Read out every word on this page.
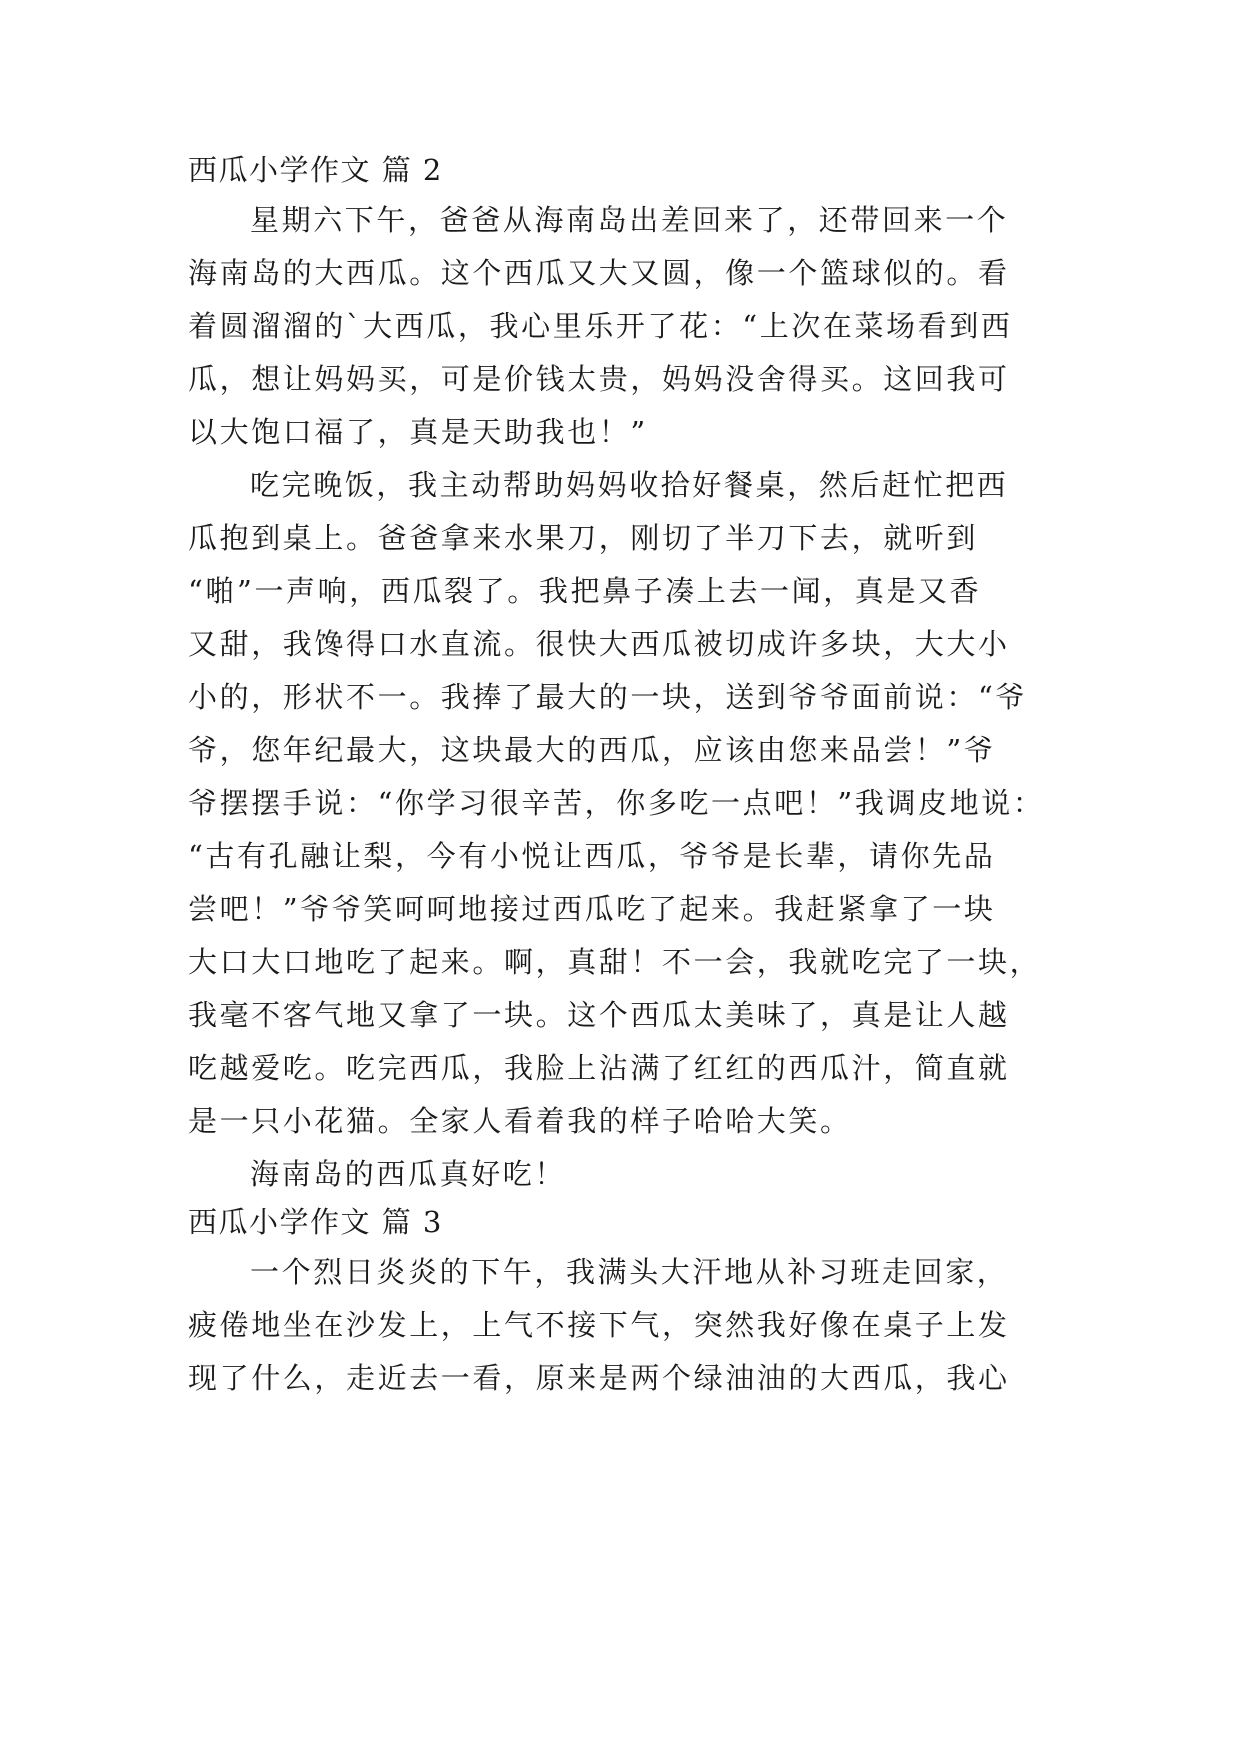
西瓜小学作文 篇 2
星期六下午，爸爸从海南岛出差回来了，还带回来一个
海南岛的大西瓜。这个西瓜又大又圆，像一个篮球似的。看
着圆溜溜的`大西瓜，我心里乐开了花：“上次在菜场看到西
瓜，想让妈妈买，可是价钱太贵，妈妈没舍得买。这回我可
以大饱口福了，真是天助我也！”
吃完晚饭，我主动帮助妈妈收拾好餐桌，然后赶忙把西
瓜抱到桌上。爸爸拿来水果刀，刚切了半刀下去，就听到
“啪”一声响，西瓜裂了。我把鼻子凑上去一闻，真是又香
又甜，我馋得口水直流。很快大西瓜被切成许多块，大大小
小的，形状不一。我捧了最大的一块，送到爷爷面前说：“爷
爷，您年纪最大，这块最大的西瓜，应该由您来品尝！”爷
爷摆摆手说：“你学习很辛苦，你多吃一点吧！”我调皮地说：
“古有孔融让梨，今有小悦让西瓜，爷爷是长辈，请你先品
尝吧！”爷爷笑呵呵地接过西瓜吃了起来。我赶紧拿了一块
大口大口地吃了起来。啊，真甜！不一会，我就吃完了一块，
我毫不客气地又拿了一块。这个西瓜太美味了，真是让人越
吃越爱吃。吃完西瓜，我脸上沾满了红红的西瓜汁，简直就
是一只小花猫。全家人看着我的样子哈哈大笑。
海南岛的西瓜真好吃！
西瓜小学作文 篇 3
一个烈日炎炎的下午，我满头大汗地从补习班走回家，
疲倦地坐在沙发上，上气不接下气，突然我好像在桌子上发
现了什么，走近去一看，原来是两个绿油油的大西瓜，我心
